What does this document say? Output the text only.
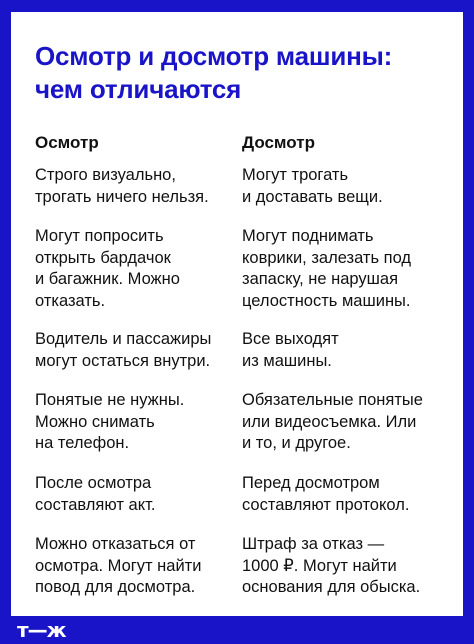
Осмотр и досмотр машины:
чем отличаются
Осмотр

Строго визуально,
трогать ничего нельзя.

Могут попросить
открыть бардачок
и багажник. Можно
отказать.

Водитель и пассажиры
могут остаться внутри.

Понятые не нужны.
Можно снимать
на телефон.

После осмотра
составляют акт.

Можно отказаться от
осмотра. Могут найти
повод для досмотра.

Досмотр

Могут трогать
и доставать вещи.

Могут поднимать
коврики, залезать под
запаску, не нарушая
целостность машины.

Все выходят
из машины.

Обязательные понятые
или видеосъемка. Или
и то, и другое.

Перед досмотром
составляют протокол.

Штраф за отказ —
1000 ₽. Могут найти
основания для обыска.

т—ж
